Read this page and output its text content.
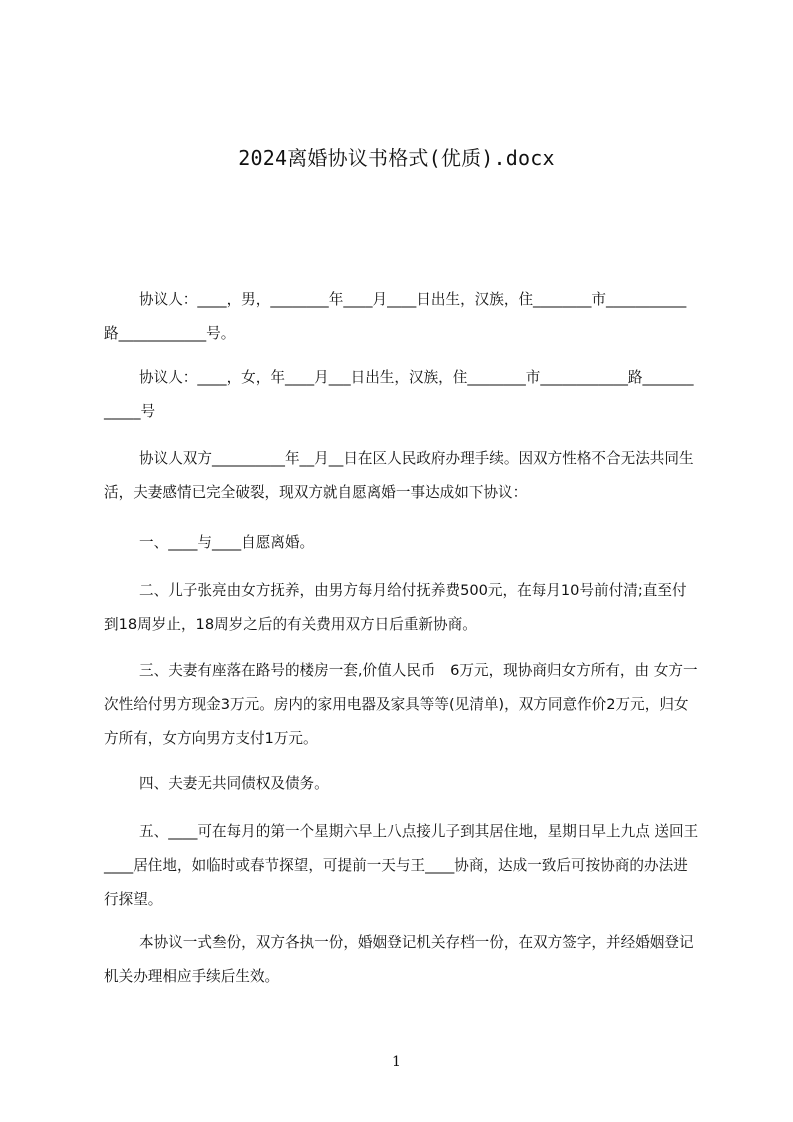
2024离婚协议书格式(优质).docx
协议人：____，男，________年____月____日出生，汉族，住________市___________路____________号。
协议人：____，女，年____月___日出生，汉族，住________市____________路____________号
协议人双方__________年__月__日在区人民政府办理手续。因双方性格不合无法共同生活，夫妻感情已完全破裂，现双方就自愿离婚一事达成如下协议：
一、____与____自愿离婚。
二、儿子张亮由女方抚养，由男方每月给付抚养费500元，在每月10号前付清;直至付到18周岁止，18周岁之后的有关费用双方日后重新协商。
三、夫妻有座落在路号的楼房一套,价值人民币　6万元，现协商归女方所有，由 女方一次性给付男方现金3万元。房内的家用电器及家具等等(见清单)，双方同意作价2万元，归女方所有，女方向男方支付1万元。
四、夫妻无共同债权及债务。
五、____可在每月的第一个星期六早上八点接儿子到其居住地，星期日早上九点 送回王____居住地，如临时或春节探望，可提前一天与王____协商，达成一致后可按协商的办法进行探望。
本协议一式叁份，双方各执一份，婚姻登记机关存档一份，在双方签字，并经婚姻登记机关办理相应手续后生效。
1
